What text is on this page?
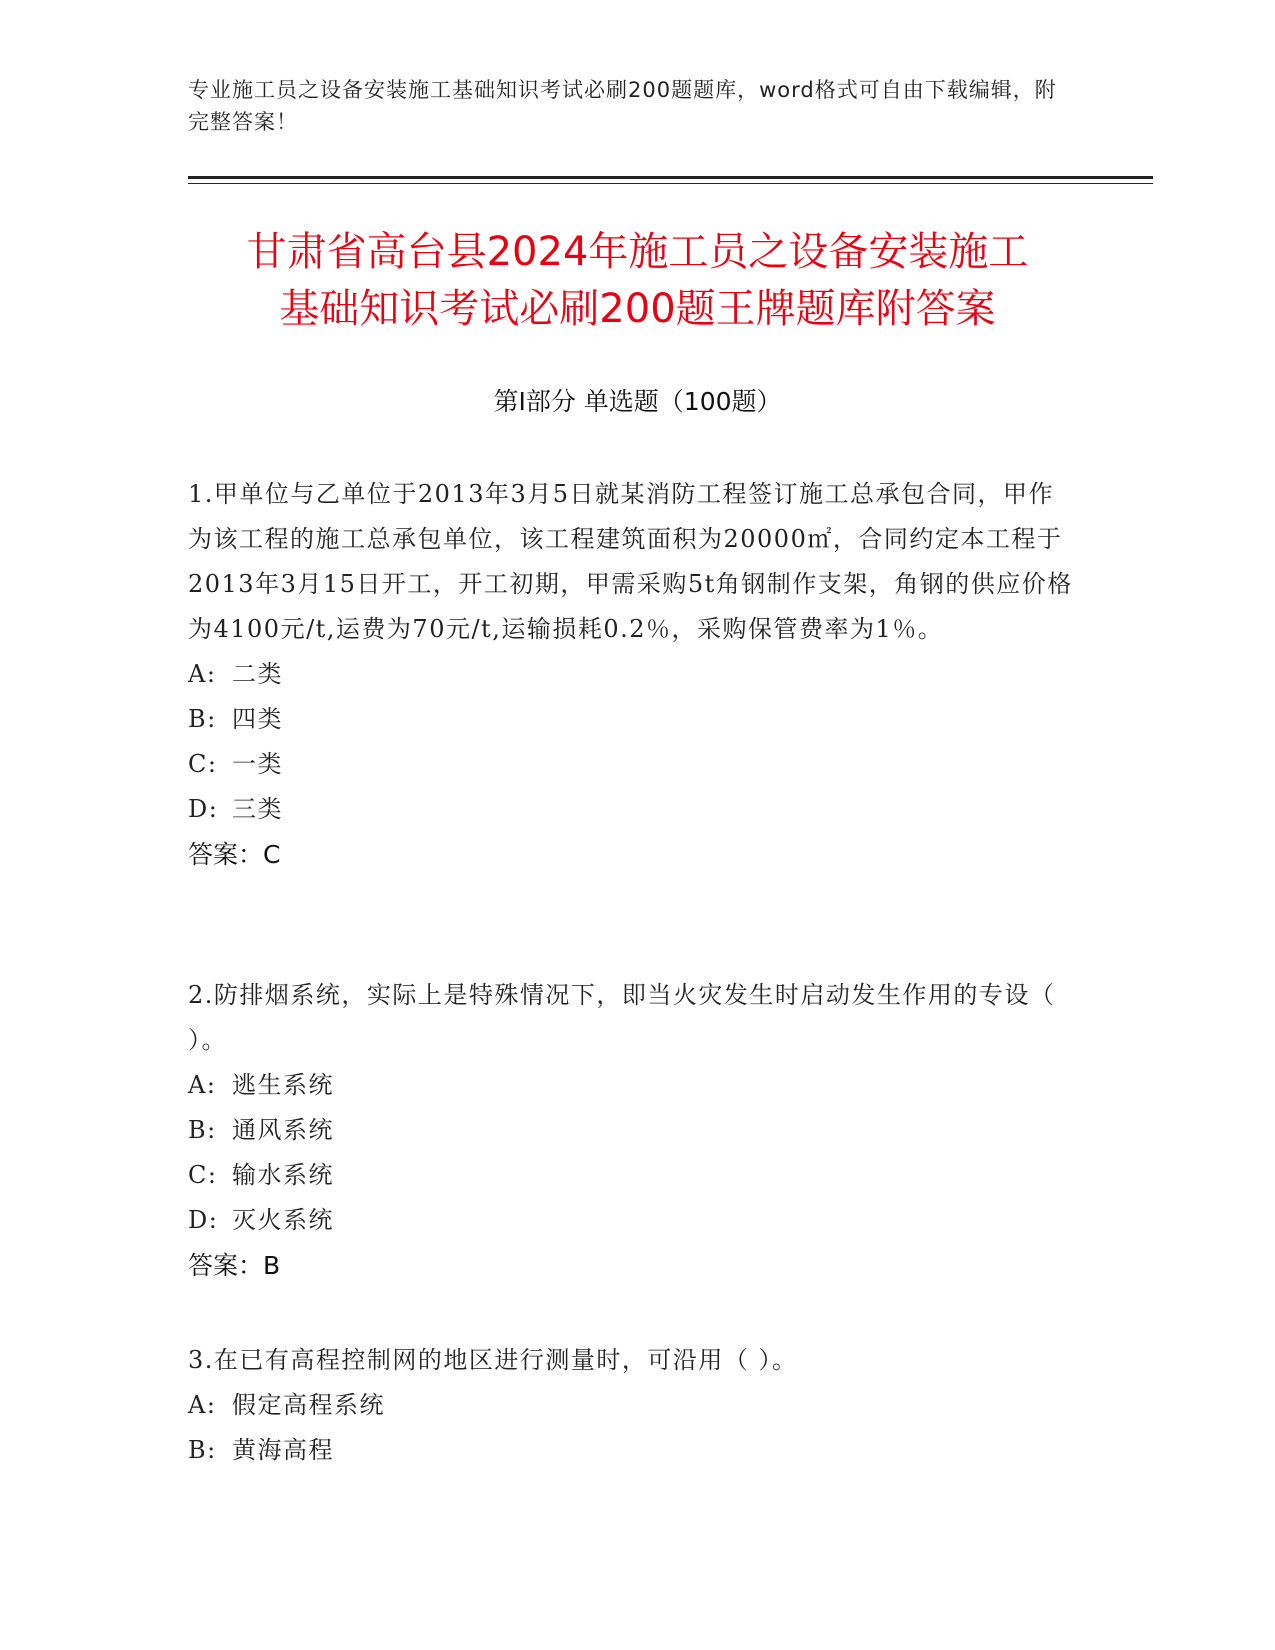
专业施工员之设备安装施工基础知识考试必刷200题题库，word格式可自由下载编辑，附完整答案！
甘肃省高台县2024年施工员之设备安装施工
基础知识考试必刷200题王牌题库附答案
第Ⅰ部分 单选题（100题）

1.甲单位与乙单位于2013年3月5日就某消防工程签订施工总承包合同，甲作为该工程的施工总承包单位，该工程建筑面积为20000㎡，合同约定本工程于2013年3月15日开工，开工初期，甲需采购5t角钢制作支架，角钢的供应价格为4100元/t,运费为70元/t,运输损耗0.2％，采购保管费率为1％。

A: 二类
B: 四类
C: 一类
D: 三类
答案：C

2.防排烟系统，实际上是特殊情况下，即当火灾发生时启动发生作用的专设（ ）。

A: 逃生系统
B: 通风系统
C: 输水系统
D: 灭火系统
答案：B

3.在已有高程控制网的地区进行测量时，可沿用（ ）。

A: 假定高程系统
B: 黄海高程
